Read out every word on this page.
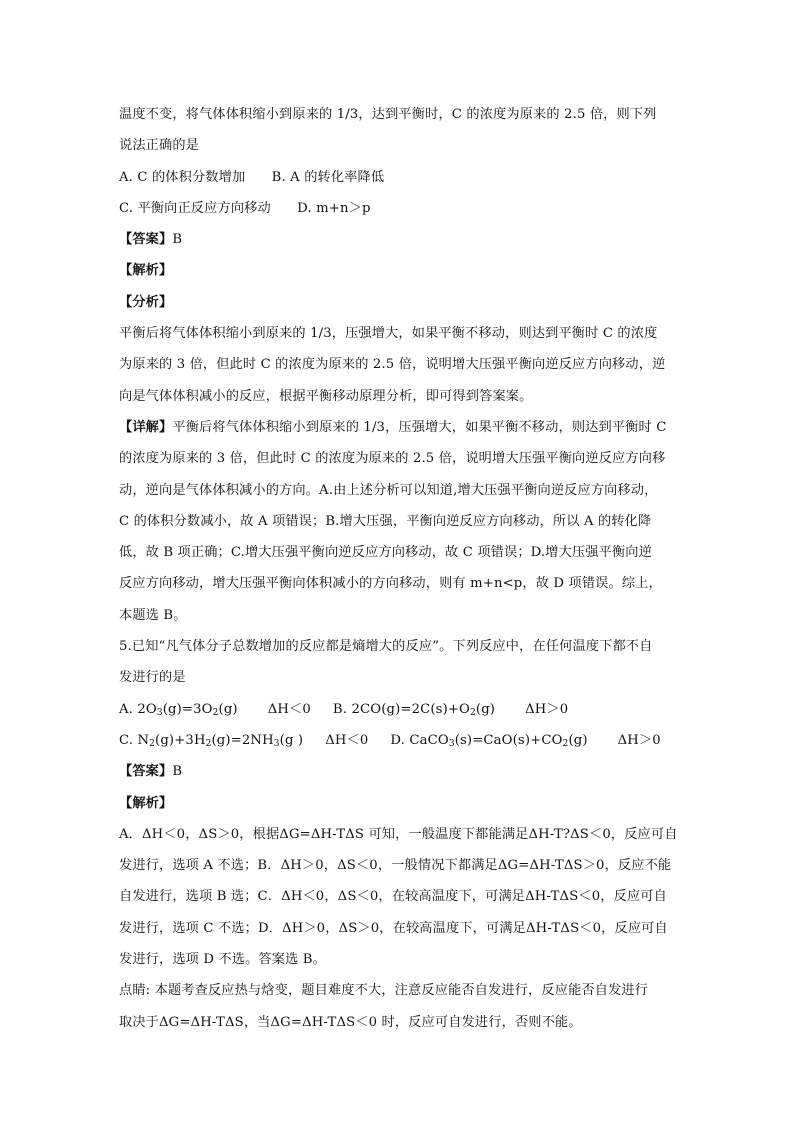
温度不变，将气体体积缩小到原来的 1/3，达到平衡时，C 的浓度为原来的 2.5 倍，则下列
说法正确的是
A. C 的体积分数增加 B. A 的转化率降低
C. 平衡向正反应方向移动 D. m+n＞p
【答案】B
【解析】
【分析】
平衡后将气体体积缩小到原来的 1/3，压强增大，如果平衡不移动，则达到平衡时 C 的浓度
为原来的 3 倍，但此时 C 的浓度为原来的 2.5 倍，说明增大压强平衡向逆反应方向移动，逆
向是气体体积减小的反应，根据平衡移动原理分析，即可得到答案案。
【详解】平衡后将气体体积缩小到原来的 1/3，压强增大，如果平衡不移动，则达到平衡时 C
的浓度为原来的 3 倍，但此时 C 的浓度为原来的 2.5 倍，说明增大压强平衡向逆反应方向移
动，逆向是气体体积减小的方向。A.由上述分析可以知道,增大压强平衡向逆反应方向移动，
C 的体积分数减小，故 A 项错误；B.增大压强，平衡向逆反应方向移动，所以 A 的转化降
低，故 B 项正确；C.增大压强平衡向逆反应方向移动，故 C 项错误；D.增大压强平衡向逆
反应方向移动，增大压强平衡向体积减小的方向移动，则有 m+n<p，故 D 项错误。综上，
本题选 B。
5.已知“凡气体分子总数增加的反应都是熵增大的反应”。下列反应中，在任何温度下都不自
发进行的是
A. $2O_3(g)=3O_2(g)$ ΔH＜0 B. $2CO(g)=2C(s)+O_2(g)$ ΔH＞0
C. $N_2(g)+3H_2(g)=2NH_3(g$ ) ΔH＜0 D. $CaCO_3(s)=CaO(s)+CO_2(g)$ ΔH＞0
【答案】B
【解析】
A．ΔH＜0，ΔS＞0，根据ΔG=ΔH-TΔS 可知，一般温度下都能满足ΔH-T?ΔS＜0，反应可自
发进行，选项 A 不选；B．ΔH＞0，ΔS＜0，一般情况下都满足ΔG=ΔH-TΔS＞0，反应不能
自发进行，选项 B 选；C．ΔH＜0，ΔS＜0，在较高温度下，可满足ΔH-TΔS＜0，反应可自
发进行，选项 C 不选；D．ΔH＞0，ΔS＞0，在较高温度下，可满足ΔH-TΔS＜0，反应可自
发进行，选项 D 不选。答案选 B。
点睛: 本题考查反应热与焓变，题目难度不大，注意反应能否自发进行，反应能否自发进行
取决于ΔG=ΔH-TΔS，当ΔG=ΔH-TΔS＜0 时，反应可自发进行，否则不能。
